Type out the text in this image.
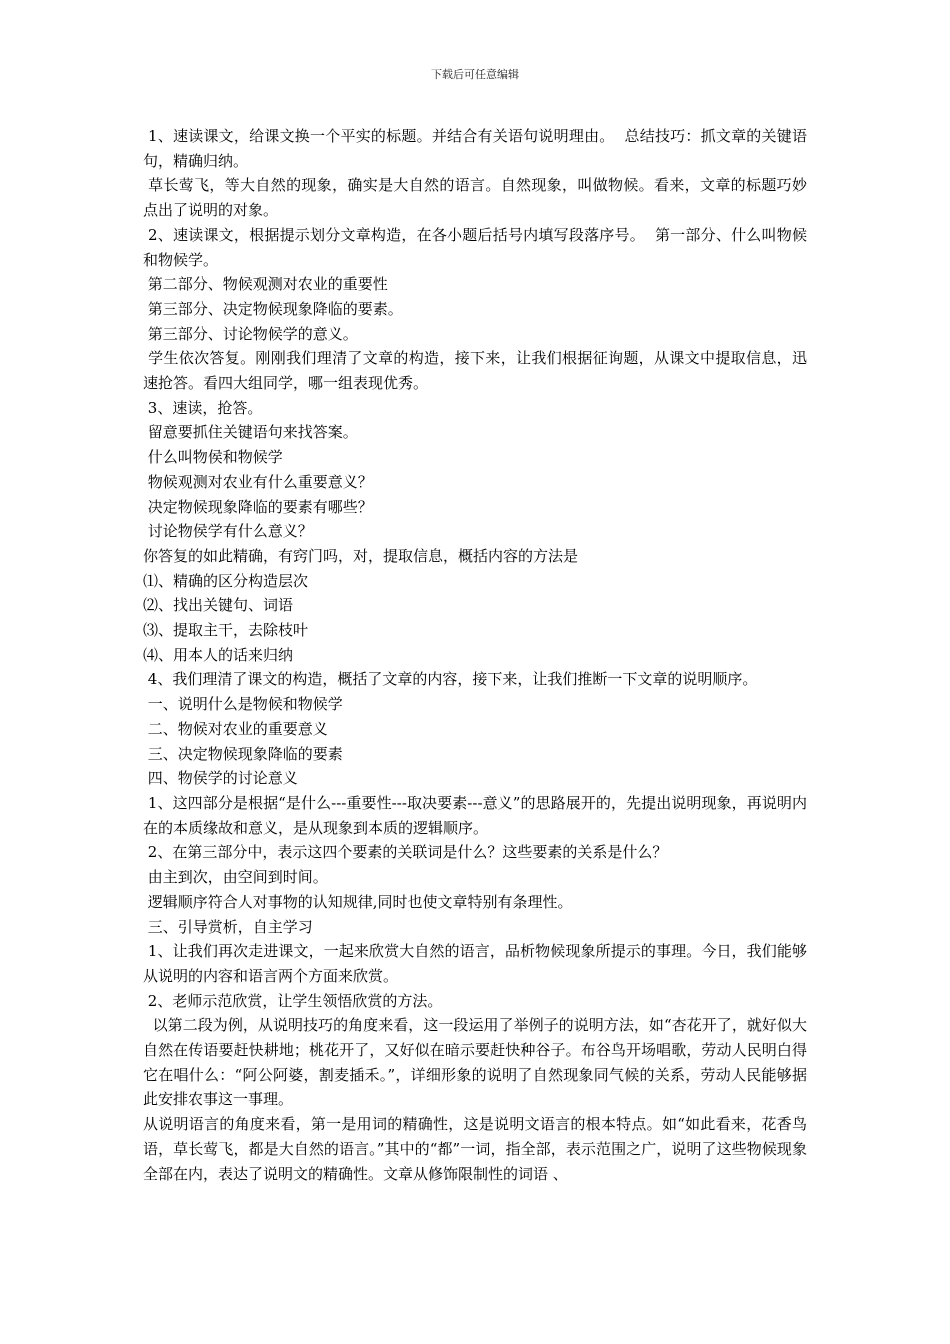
下载后可任意编辑

1、速读课文，给课文换一个平实的标题。并结合有关语句说明理由。  总结技巧：抓文章的关键语句，精确归纳。

草长莺飞，等大自然的现象，确实是大自然的语言。自然现象，叫做物候。看来，文章的标题巧妙点出了说明的对象。

2、速读课文，根据提示划分文章构造，在各小题后括号内填写段落序号。  第一部分、什么叫物候和物候学。

第二部分、物候观测对农业的重要性

第三部分、决定物候现象降临的要素。

第三部分、讨论物候学的意义。

学生依次答复。刚刚我们理清了文章的构造，接下来，让我们根据征询题，从课文中提取信息，迅速抢答。看四大组同学，哪一组表现优秀。

3、速读，抢答。

留意要抓住关键语句来找答案。

什么叫物侯和物候学

物候观测对农业有什么重要意义？

决定物候现象降临的要素有哪些？

讨论物侯学有什么意义？

你答复的如此精确，有窍门吗，对，提取信息，概括内容的方法是

⑴、精确的区分构造层次

⑵、找出关键句、词语

⑶、提取主干，去除枝叶

⑷、用本人的话来归纳

4、我们理清了课文的构造，概括了文章的内容，接下来，让我们推断一下文章的说明顺序。

一、说明什么是物候和物候学

二、物候对农业的重要意义

三、决定物候现象降临的要素

四、物侯学的讨论意义

1、这四部分是根据“是什么---重要性---取决要素---意义”的思路展开的，先提出说明现象，再说明内在的本质缘故和意义，是从现象到本质的逻辑顺序。

2、在第三部分中，表示这四个要素的关联词是什么？这些要素的关系是什么？

由主到次，由空间到时间。

逻辑顺序符合人对事物的认知规律,同时也使文章特别有条理性。

三、引导赏析，自主学习

1、让我们再次走进课文，一起来欣赏大自然的语言，品析物候现象所提示的事理。今日，我们能够从说明的内容和语言两个方面来欣赏。

2、老师示范欣赏，让学生领悟欣赏的方法。

以第二段为例，从说明技巧的角度来看，这一段运用了举例子的说明方法，如“杏花开了，就好似大自然在传语要赶快耕地；桃花开了，又好似在暗示要赶快种谷子。布谷鸟开场唱歌，劳动人民明白得它在唱什么：“阿公阿婆，割麦插禾。”，详细形象的说明了自然现象同气候的关系，劳动人民能够据此安排农事这一事理。

从说明语言的角度来看，第一是用词的精确性，这是说明文语言的根本特点。如“如此看来，花香鸟语，草长莺飞，都是大自然的语言。”其中的“都”一词，指全部，表示范围之广，说明了这些物候现象全部在内，表达了说明文的精确性。文章从修饰限制性的词语 、
